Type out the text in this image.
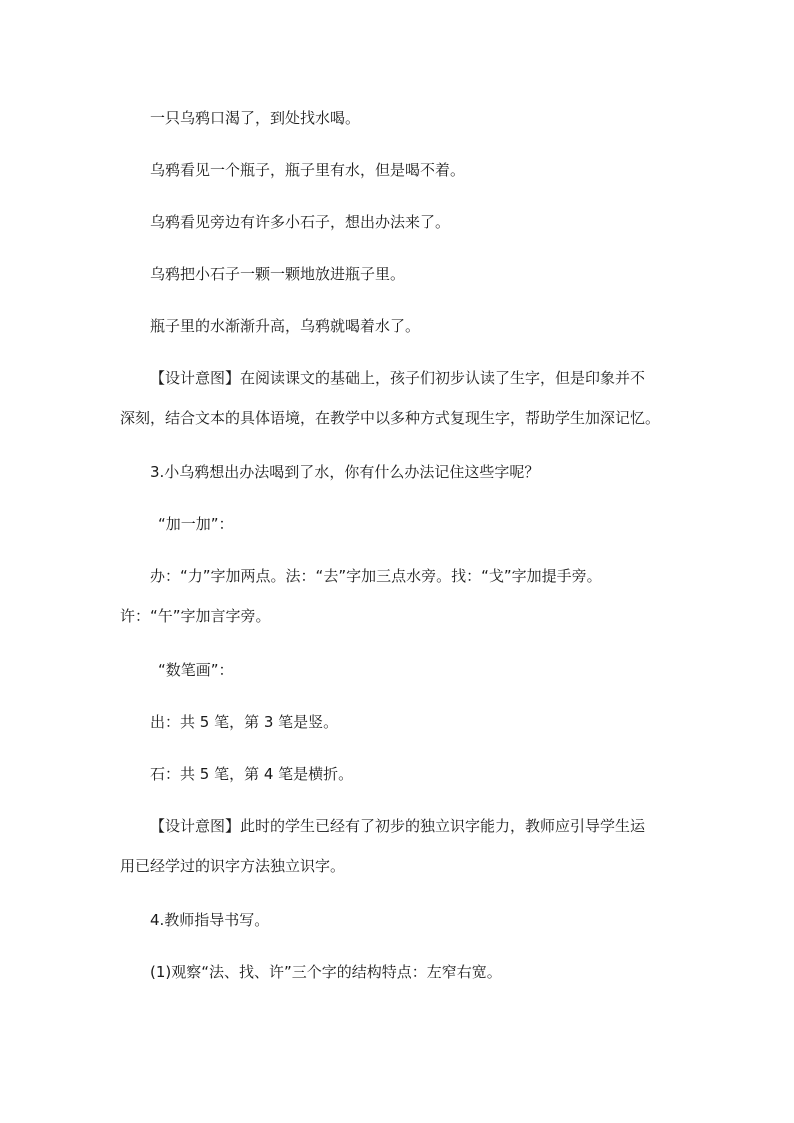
一只乌鸦口渴了，到处找水喝。
乌鸦看见一个瓶子，瓶子里有水，但是喝不着。
乌鸦看见旁边有许多小石子，想出办法来了。
乌鸦把小石子一颗一颗地放进瓶子里。
瓶子里的水渐渐升高，乌鸦就喝着水了。
【设计意图】在阅读课文的基础上，孩子们初步认读了生字，但是印象并不
深刻，结合文本的具体语境，在教学中以多种方式复现生字，帮助学生加深记忆。
3.小乌鸦想出办法喝到了水，你有什么办法记住这些字呢？
“加一加”：
办：“力”字加两点。法：“去”字加三点水旁。找：“戈”字加提手旁。
许：“午”字加言字旁。
“数笔画”：
出：共 5 笔，第 3 笔是竖。
石：共 5 笔，第 4 笔是横折。
【设计意图】此时的学生已经有了初步的独立识字能力，教师应引导学生运
用已经学过的识字方法独立识字。
4.教师指导书写。
(1)观察“法、找、许”三个字的结构特点：左窄右宽。
